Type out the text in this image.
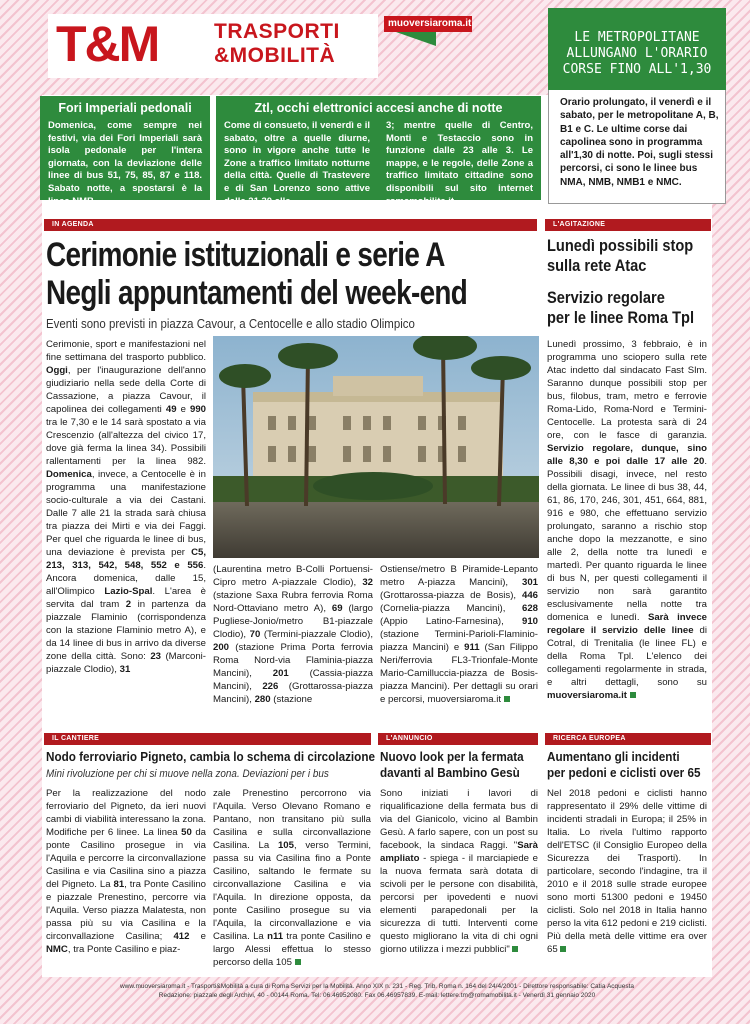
T&M	TRASPORTI
&MOBILITÀ
muoversiaroma.it
LE METROPOLITANE ALLUNGANO L'ORARIO CORSE FINO ALL'1,30
Orario prolungato, il venerdì e il sabato, per le metropolitane A, B, B1 e C. Le ultime corse dai capolinea sono in programma all'1,30 di notte. Poi, sugli stessi percorsi, ci sono le linee bus NMA, NMB, NMB1 e NMC.
Fori Imperiali pedonali
Domenica, come sempre nei festivi, via dei Fori Imperiali sarà isola pedonale per l'intera giornata, con la deviazione delle linee di bus 51, 75, 85, 87 e 118. Sabato notte, a spostarsi è la linea NMB.
Ztl, occhi elettronici accesi anche di notte
Come di consueto, il venerdì e il sabato, oltre a quelle diurne, sono in vigore anche tutte le Zone a traffico limitato notturne della città. Quelle di Trastevere e di San Lorenzo sono attive dalle 21,30 alle
3; mentre quelle di Centro, Monti e Testaccio sono in funzione dalle 23 alle 3. Le mappe, e le regole, delle Zone a traffico limitato cittadine sono disponibili sul sito internet romamobilita.it
IN AGENDA
Cerimonie istituzionali e serie A
Negli appuntamenti del week-end
Eventi sono previsti in piazza Cavour, a Centocelle e allo stadio Olimpico
Cerimonie, sport e manifestazioni nel fine settimana del trasporto pubblico. Oggi, per l'inaugurazione dell'anno giudiziario nella sede della Corte di Cassazione, a piazza Cavour, il capolinea dei collegamenti 49 e 990 tra le 7,30 e le 14 sarà spostato a via Crescenzio (all'altezza del civico 17, dove già ferma la linea 34). Possibili rallentamenti per la linea 982. Domenica, invece, a Centocelle è in programma una manifestazione socio-culturale a via dei Castani. Dalle 7 alle 21 la strada sarà chiusa tra piazza dei Mirti e via dei Faggi. Per quel che riguarda le linee di bus, una deviazione è prevista per C5, 213, 313, 542, 548, 552 e 556. Ancora domenica, dalle 15, all'Olimpico Lazio-Spal. L'area è servita dal tram 2 in partenza da piazzale Flaminio (corrispondenza con la stazione Flaminio metro A), e da 14 linee di bus in arrivo da diverse zone della città. Sono: 23 (Marconi-piazzale Clodio), 31
(Laurentina metro B-Colli Portuensi-Cipro metro A-piazzale Clodio), 32 (stazione Saxa Rubra ferrovia Roma Nord-Ottaviano metro A), 69 (largo Pugliese-Jonio/metro B1-piazzale Clodio), 70 (Termini-piazzale Clodio), 200 (stazione Prima Porta ferrovia Roma Nord-via Flaminia-piazza Mancini), 201 (Cassia-piazza Mancini), 226 (Grottarossa-piazza Mancini), 280 (stazione
Ostiense/metro B Piramide-Lepanto metro A-piazza Mancini), 301 (Grottarossa-piazza de Bosis), 446 (Cornelia-piazza Mancini), 628 (Appio Latino-Farnesina), 910 (stazione Termini-Parioli-Flaminio-piazza Mancini) e 911 (San Filippo Neri/ferrovia FL3-Trionfale-Monte Mario-Camilluccia-piazza de Bosis-piazza Mancini). Per dettagli su orari e percorsi, muoversiaroma.it
L'AGITAZIONE
Lunedì possibili stop
sulla rete Atac
Servizio regolare
per le linee Roma Tpl
Lunedì prossimo, 3 febbraio, è in programma uno sciopero sulla rete Atac indetto dal sindacato Fast Slm. Saranno dunque possibili stop per bus, filobus, tram, metro e ferrovie Roma-Lido, Roma-Nord e Termini-Centocelle. La protesta sarà di 24 ore, con le fasce di garanzia. Servizio regolare, dunque, sino alle 8,30 e poi dalle 17 alle 20. Possibili disagi, invece, nel resto della giornata. Le linee di bus 38, 44, 61, 86, 170, 246, 301, 451, 664, 881, 916 e 980, che effettuano servizio prolungato, saranno a rischio stop anche dopo la mezzanotte, e sino alle 2, della notte tra lunedì e martedì. Per quanto riguarda le linee di bus N, per questi collegamenti il servizio non sarà garantito esclusivamente nella notte tra domenica e lunedì. Sarà invece regolare il servizio delle linee di Cotral, di Trenitalia (le linee FL) e della Roma Tpl. L'elenco dei collegamenti regolarmente in strada, e altri dettagli, sono su muoversiaroma.it
IL CANTIERE
Nodo ferroviario Pigneto, cambia lo schema di circolazione
Mini rivoluzione per chi si muove nella zona. Deviazioni per i bus
Per la realizzazione del nodo ferroviario del Pigneto, da ieri nuovi cambi di viabilità interessano la zona. Modifiche per 6 linee. La linea 50 da ponte Casilino prosegue in via l'Aquila e percorre la circonvallazione Casilina e via Casilina sino a piazza del Pigneto. La 81, tra Ponte Casilino e piazzale Prenestino, percorre via l'Aquila. Verso piazza Malatesta, non passa più su via Casilina e la circonvallazione Casilina; 412 e NMC, tra Ponte Casilino e piaz-
zale Prenestino percorrono via l'Aquila. Verso Olevano Romano e Pantano, non transitano più sulla Casilina e sulla circonvallazione Casilina. La 105, verso Termini, passa su via Casilina fino a Ponte Casilino, saltando le fermate su circonvallazione Casilina e via l'Aquila. In direzione opposta, da ponte Casilino prosegue su via l'Aquila, la circonvallazione e via Casilina. La n11 tra ponte Casilino e largo Alessi effettua lo stesso percorso della 105
L'ANNUNCIO
Nuovo look per la fermata
davanti al Bambino Gesù
Sono iniziati i lavori di riqualificazione della fermata bus di via del Gianicolo, vicino al Bambin Gesù. A farlo sapere, con un post su facebook, la sindaca Raggi. "Sarà ampliato - spiega - il marciapiede e la nuova fermata sarà dotata di scivoli per le persone con disabilità, percorsi per ipovedenti e nuovi elementi parapedonali per la sicurezza di tutti. Interventi come questo migliorano la vita di chi ogni giorno utilizza i mezzi pubblici"
RICERCA EUROPEA
Aumentano gli incidenti
per pedoni e ciclisti over 65
Nel 2018 pedoni e ciclisti hanno rappresentato il 29% delle vittime di incidenti stradali in Europa; il 25% in Italia. Lo rivela l'ultimo rapporto dell'ETSC (il Consiglio Europeo della Sicurezza dei Trasporti). In particolare, secondo l'indagine, tra il 2010 e il 2018 sulle strade europee sono morti 51300 pedoni e 19450 ciclisti. Solo nel 2018 in Italia hanno perso la vita 612 pedoni e 219 ciclisti. Più della metà delle vittime era over 65
www.muoversiaroma.it - Trasporti&Mobilità a cura di Roma Servizi per la Mobilità. Anno XIX n. 231 - Reg. Trib. Roma n. 164 del 24/4/2001 - Direttore responsabile: Catia Acquesta
Redazione: piazzale degli Archivi, 40 - 00144 Roma. Tel: 06.46952080. Fax 06.46957839. E-mail: lettere.tm@romamobilita.it - Venerdì 31 gennaio 2020
